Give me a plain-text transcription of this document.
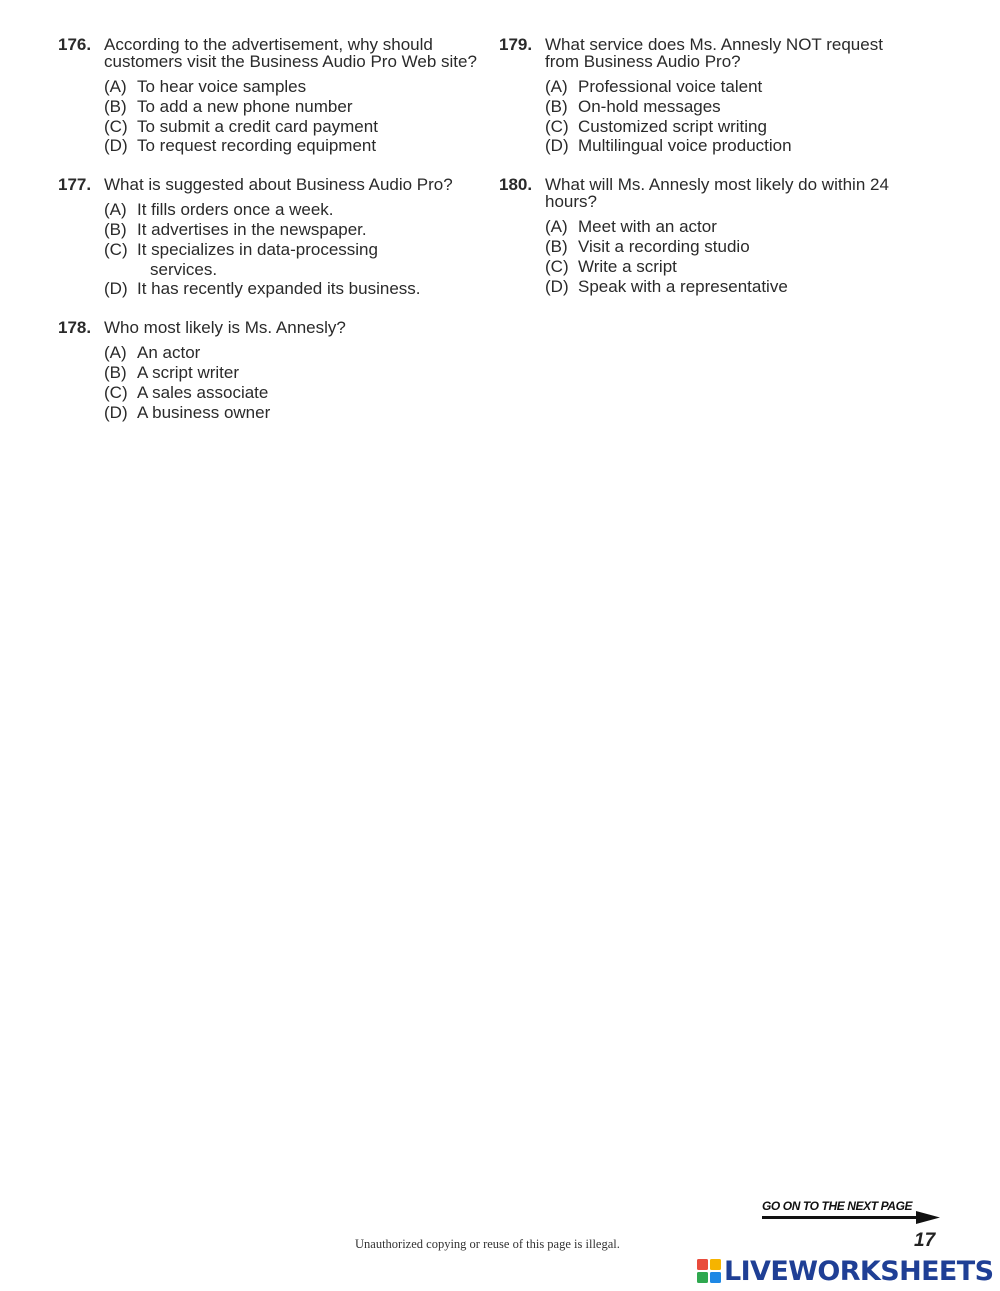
176. According to the advertisement, why should customers visit the Business Audio Pro Web site?
(A) To hear voice samples
(B) To add a new phone number
(C) To submit a credit card payment
(D) To request recording equipment
177. What is suggested about Business Audio Pro?
(A) It fills orders once a week.
(B) It advertises in the newspaper.
(C) It specializes in data-processing
services.
(D) It has recently expanded its business.
178. Who most likely is Ms. Annesly?
(A) An actor
(B) A script writer
(C) A sales associate
(D) A business owner
179. What service does Ms. Annesly NOT request from Business Audio Pro?
(A) Professional voice talent
(B) On-hold messages
(C) Customized script writing
(D) Multilingual voice production
180. What will Ms. Annesly most likely do within 24 hours?
(A) Meet with an actor
(B) Visit a recording studio
(C) Write a script
(D) Speak with a representative
GO ON TO THE NEXT PAGE
Unauthorized copying or reuse of this page is illegal.	17
LIVEWORKSHEETS
